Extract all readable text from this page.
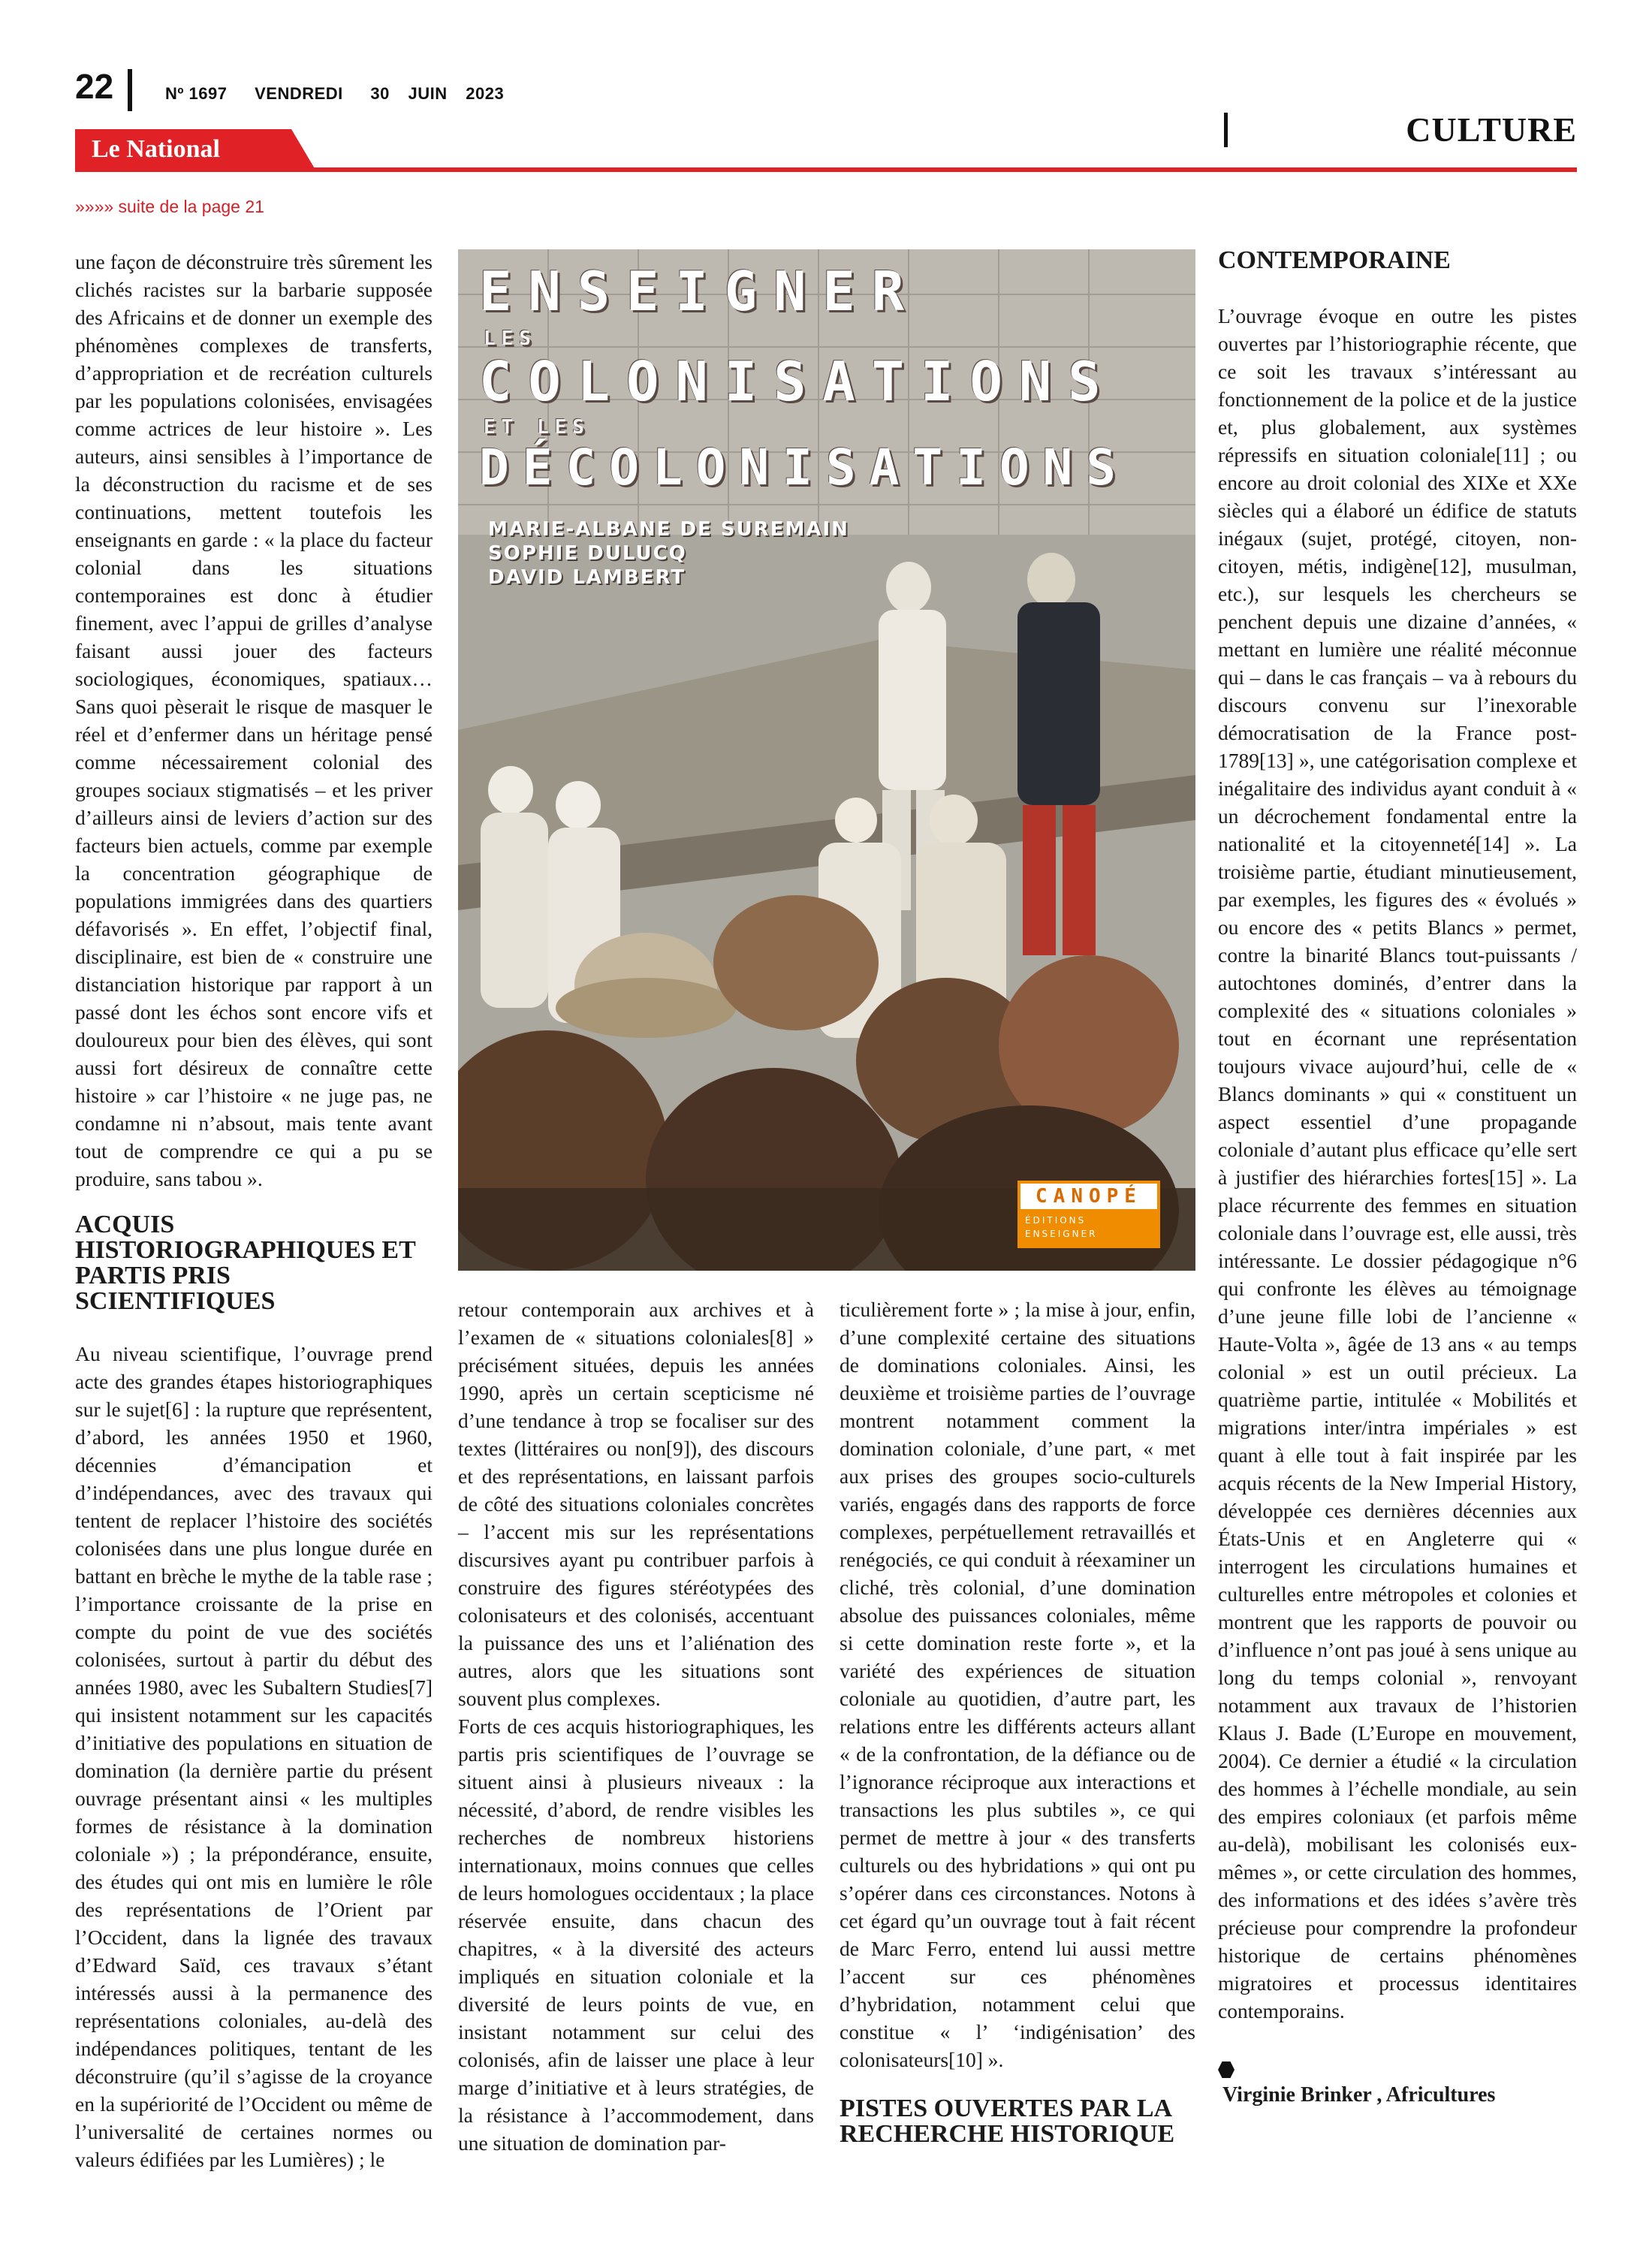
22	Nº 1697 VENDREDI 30 JUIN 2023
Le National
CULTURE
»»»» suite de la page 21

une façon de déconstruire très sûrement les clichés racistes sur la barbarie supposée des Africains et de donner un exemple des phénomènes complexes de transferts, d’appropriation et de recréation culturels par les populations colonisées, envisagées comme actrices de leur histoire ». Les auteurs, ainsi sensibles à l’importance de la déconstruction du racisme et de ses continuations, mettent toutefois les enseignants en garde : « la place du facteur colonial dans les situations contemporaines est donc à étudier finement, avec l’appui de grilles d’analyse faisant aussi jouer des facteurs sociologiques, économiques, spatiaux… Sans quoi pèserait le risque de masquer le réel et d’enfermer dans un héritage pensé comme nécessairement colonial des groupes sociaux stigmatisés – et les priver d’ailleurs ainsi de leviers d’action sur des facteurs bien actuels, comme par exemple la concentration géographique de populations immigrées dans des quartiers défavorisés ». En effet, l’objectif final, disciplinaire, est bien de « construire une distanciation historique par rapport à un passé dont les échos sont encore vifs et douloureux pour bien des élèves, qui sont aussi fort désireux de connaître cette histoire » car l’histoire « ne juge pas, ne condamne ni n’absout, mais tente avant tout de comprendre ce qui a pu se produire, sans tabou ».

ACQUIS HISTORIOGRAPHIQUES ET PARTIS PRIS SCIENTIFIQUES

Au niveau scientifique, l’ouvrage prend acte des grandes étapes historiographiques sur le sujet[6] : la rupture que représentent, d’abord, les années 1950 et 1960, décennies d’émancipation et d’indépendances, avec des travaux qui tentent de replacer l’histoire des sociétés colonisées dans une plus longue durée en battant en brèche le mythe de la table rase ; l’importance croissante de la prise en compte du point de vue des sociétés colonisées, surtout à partir du début des années 1980, avec les Subaltern Studies[7] qui insistent notamment sur les capacités d’initiative des populations en situation de domination (la dernière partie du présent ouvrage présentant ainsi « les multiples formes de résistance à la domination coloniale ») ; la prépondérance, ensuite, des études qui ont mis en lumière le rôle des représentations de l’Orient par l’Occident, dans la lignée des travaux d’Edward Saïd, ces travaux s’étant intéressés aussi à la permanence des représentations coloniales, au-delà des indépendances politiques, tentant de les déconstruire (qu’il s’agisse de la croyance en la supériorité de l’Occident ou même de l’universalité de certaines normes ou valeurs édifiées par les Lumières) ; le

ENSEIGNER
LES
COLONISATIONS
ET LES
DÉCOLONISATIONS
MARIE-ALBANE DE SUREMAIN
SOPHIE DULUCQ
DAVID LAMBERT
CANOPÉ
ÉDITIONS
ENSEIGNER

retour contemporain aux archives et à l’examen de « situations coloniales[8] » précisément situées, depuis les années 1990, après un certain scepticisme né d’une tendance à trop se focaliser sur des textes (littéraires ou non[9]), des discours et des représentations, en laissant parfois de côté des situations coloniales concrètes – l’accent mis sur les représentations discursives ayant pu contribuer parfois à construire des figures stéréotypées des colonisateurs et des colonisés, accentuant la puissance des uns et l’aliénation des autres, alors que les situations sont souvent plus complexes.

Forts de ces acquis historiographiques, les partis pris scientifiques de l’ouvrage se situent ainsi à plusieurs niveaux : la nécessité, d’abord, de rendre visibles les recherches de nombreux historiens internationaux, moins connues que celles de leurs homologues occidentaux ; la place réservée ensuite, dans chacun des chapitres, « à la diversité des acteurs impliqués en situation coloniale et la diversité de leurs points de vue, en insistant notamment sur celui des colonisés, afin de laisser une place à leur marge d’initiative et à leurs stratégies, de la résistance à l’accommodement, dans une situation de domination par-

ticulièrement forte » ; la mise à jour, enfin, d’une complexité certaine des situations de dominations coloniales. Ainsi, les deuxième et troisième parties de l’ouvrage montrent notamment comment la domination coloniale, d’une part, « met aux prises des groupes socio-culturels variés, engagés dans des rapports de force complexes, perpétuellement retravaillés et renégociés, ce qui conduit à réexaminer un cliché, très colonial, d’une domination absolue des puissances coloniales, même si cette domination reste forte », et la variété des expériences de situation coloniale au quotidien, d’autre part, les relations entre les différents acteurs allant « de la confrontation, de la défiance ou de l’ignorance réciproque aux interactions et transactions les plus subtiles », ce qui permet de mettre à jour « des transferts culturels ou des hybridations » qui ont pu s’opérer dans ces circonstances. Notons à cet égard qu’un ouvrage tout à fait récent de Marc Ferro, entend lui aussi mettre l’accent sur ces phénomènes d’hybridation, notamment celui que constitue « l’ ‘indigénisation’ des colonisateurs[10] ».

PISTES OUVERTES PAR LA RECHERCHE HISTORIQUE
CONTEMPORAINE

L’ouvrage évoque en outre les pistes ouvertes par l’historiographie récente, que ce soit les travaux s’intéressant au fonctionnement de la police et de la justice et, plus globalement, aux systèmes répressifs en situation coloniale[11] ; ou encore au droit colonial des XIXe et XXe siècles qui a élaboré un édifice de statuts inégaux (sujet, protégé, citoyen, non-citoyen, métis, indigène[12], musulman, etc.), sur lesquels les chercheurs se penchent depuis une dizaine d’années, « mettant en lumière une réalité méconnue qui – dans le cas français – va à rebours du discours convenu sur l’inexorable démocratisation de la France post-1789[13] », une catégorisation complexe et inégalitaire des individus ayant conduit à « un décrochement fondamental entre la nationalité et la citoyenneté[14] ». La troisième partie, étudiant minutieusement, par exemples, les figures des « évolués » ou encore des « petits Blancs » permet, contre la binarité Blancs tout-puissants / autochtones dominés, d’entrer dans la complexité des « situations coloniales » tout en écornant une représentation toujours vivace aujourd’hui, celle de « Blancs dominants » qui « constituent un aspect essentiel d’une propagande coloniale d’autant plus efficace qu’elle sert à justifier des hiérarchies fortes[15] ». La place récurrente des femmes en situation coloniale dans l’ouvrage est, elle aussi, très intéressante. Le dossier pédagogique n°6 qui confronte les élèves au témoignage d’une jeune fille lobi de l’ancienne « Haute-Volta », âgée de 13 ans « au temps colonial » est un outil précieux. La quatrième partie, intitulée « Mobilités et migrations inter/intra impériales » est quant à elle tout à fait inspirée par les acquis récents de la New Imperial History, développée ces dernières décennies aux États-Unis et en Angleterre qui « interrogent les circulations humaines et culturelles entre métropoles et colonies et montrent que les rapports de pouvoir ou d’influence n’ont pas joué à sens unique au long du temps colonial », renvoyant notamment aux travaux de l’historien Klaus J. Bade (L’Europe en mouvement, 2004). Ce dernier a étudié « la circulation des hommes à l’échelle mondiale, au sein des empires coloniaux (et parfois même au-delà), mobilisant les colonisés eux-mêmes », or cette circulation des hommes, des informations et des idées s’avère très précieuse pour comprendre la profondeur historique de certains phénomènes migratoires et processus identitaires contemporains.

Virginie Brinker , Africultures
